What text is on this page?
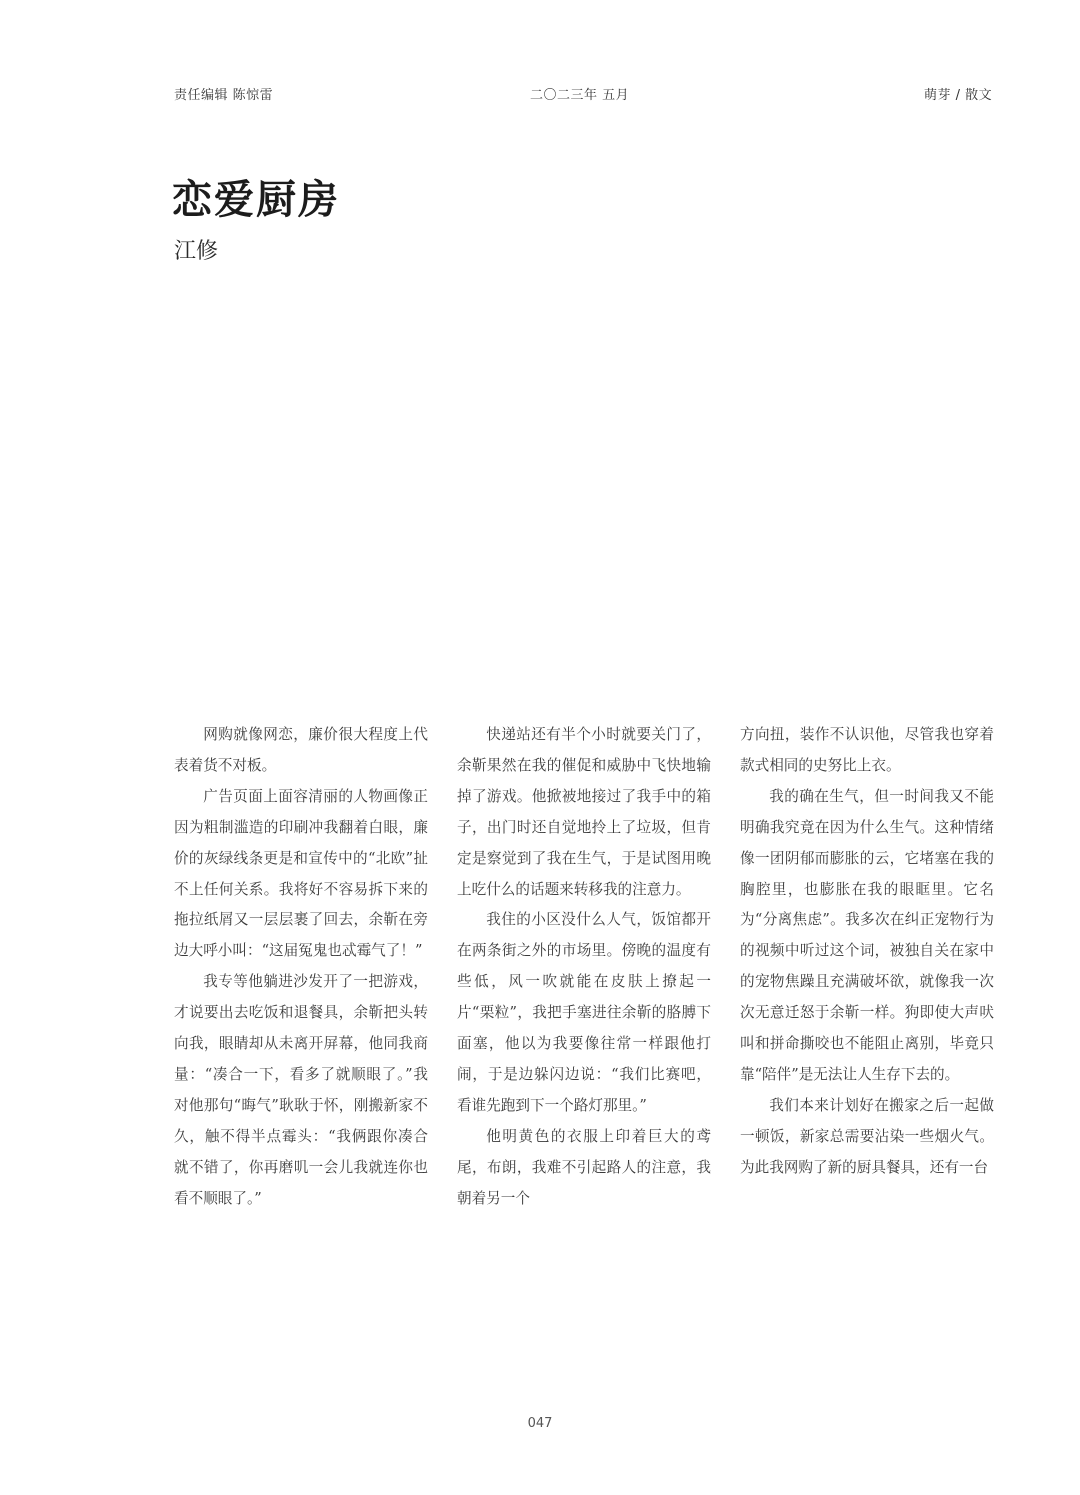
责任编辑 陈惊雷	二〇二三年 五月	萌芽 / 散文
恋爱厨房
江修

网购就像网恋，廉价很大程度上代表着货不对板。

广告页面上面容清丽的人物画像正因为粗制滥造的印刷冲我翻着白眼，廉价的灰绿线条更是和宣传中的“北欧”扯不上任何关系。我将好不容易拆下来的拖拉纸屑又一层层裹了回去，余靳在旁边大呼小叫：“这届冤鬼也忒霉气了！”

我专等他躺进沙发开了一把游戏，才说要出去吃饭和退餐具，余靳把头转向我，眼睛却从未离开屏幕，他同我商量：“凑合一下，看多了就顺眼了。”我对他那句“晦气”耿耿于怀，刚搬新家不久，触不得半点霉头：“我俩跟你凑合就不错了，你再磨叽一会儿我就连你也看不顺眼了。”

快递站还有半个小时就要关门了，余靳果然在我的催促和威胁中飞快地输掉了游戏。他掀被地接过了我手中的箱子，出门时还自觉地拎上了垃圾，但肯定是察觉到了我在生气，于是试图用晚上吃什么的话题来转移我的注意力。

我住的小区没什么人气，饭馆都开在两条街之外的市场里。傍晚的温度有些低，风一吹就能在皮肤上撩起一片“栗粒”，我把手塞进往余靳的胳膊下面塞，他以为我要像往常一样跟他打闹，于是边躲闪边说：“我们比赛吧，看谁先跑到下一个路灯那里。”

他明黄色的衣服上印着巨大的鸢尾，布朗，我难不引起路人的注意，我朝着另一个

方向扭，装作不认识他，尽管我也穿着款式相同的史努比上衣。

我的确在生气，但一时间我又不能明确我究竟在因为什么生气。这种情绪像一团阴郁而膨胀的云，它堵塞在我的胸腔里，也膨胀在我的眼眶里。它名为“分离焦虑”。我多次在纠正宠物行为的视频中听过这个词，被独自关在家中的宠物焦躁且充满破坏欲，就像我一次次无意迁怒于余靳一样。狗即使大声吠叫和拼命撕咬也不能阻止离别，毕竟只靠“陪伴”是无法让人生存下去的。

我们本来计划好在搬家之后一起做一顿饭，新家总需要沾染一些烟火气。为此我网购了新的厨具餐具，还有一台

047
